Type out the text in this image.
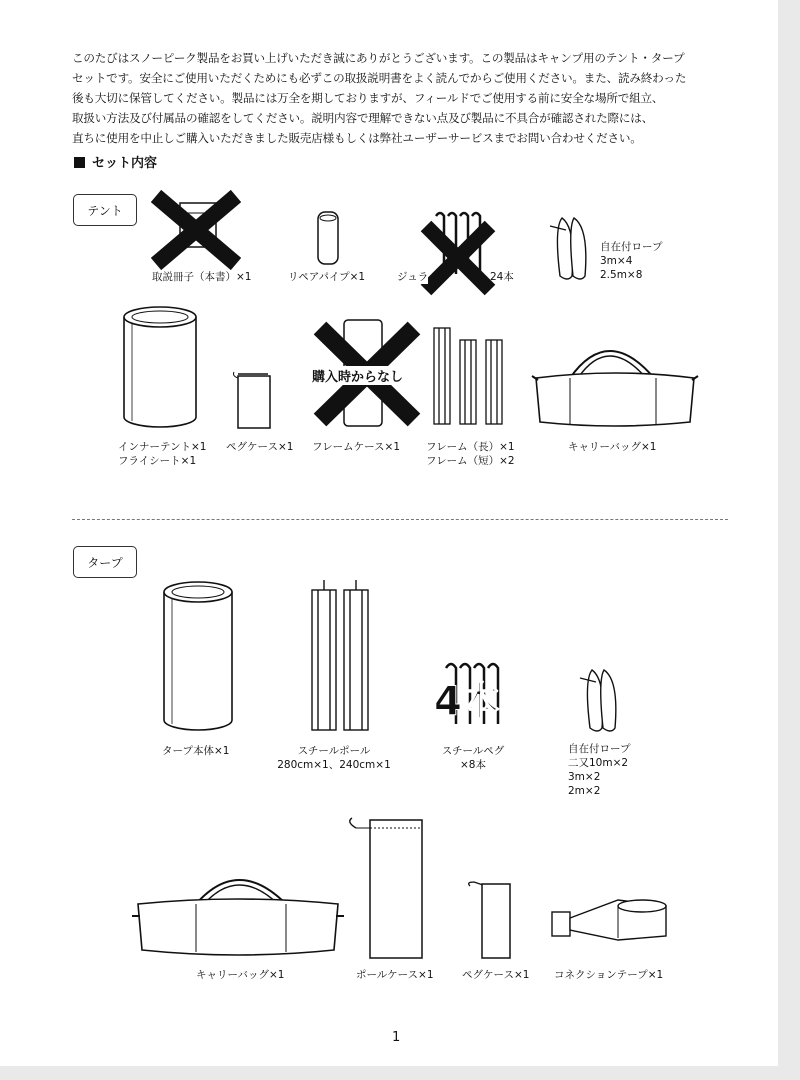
このたびはスノーピーク製品をお買い上げいただき誠にありがとうございます。この製品はキャンプ用のテント・タープ
セットです。安全にご使用いただくためにも必ずこの取扱説明書をよく読んでからご使用ください。また、読み終わった
後も大切に保管してください。製品には万全を期しておりますが、フィールドでご使用する前に安全な場所で組立、
取扱い方法及び付属品の確認をしてください。説明内容で理解できない点及び製品に不具合が確認された際には、
直ちに使用を中止しご購入いただきました販売店様もしくは弊社ユーザーサービスまでお問い合わせください。
セット内容
テント
取説冊子（本書）×1	リペアパイプ×1	ジュラ	24本
自在付ロープ
3m×4
2.5m×8
インナーテント×1
フライシート×1
ペグケース×1
購入時からなし
フレームケース×1 フレーム（長）×1
フレーム（短）×2
キャリーバッグ×1
タープ
タープ本体×1	スチールポール
280cm×1、240cm×1
4本
スチールペグ
×8本
自在付ロープ
二又10m×2
3m×2
2m×2
キャリーバッグ×1	ポールケース×1	ペグケース×1 コネクションテープ×1
1
